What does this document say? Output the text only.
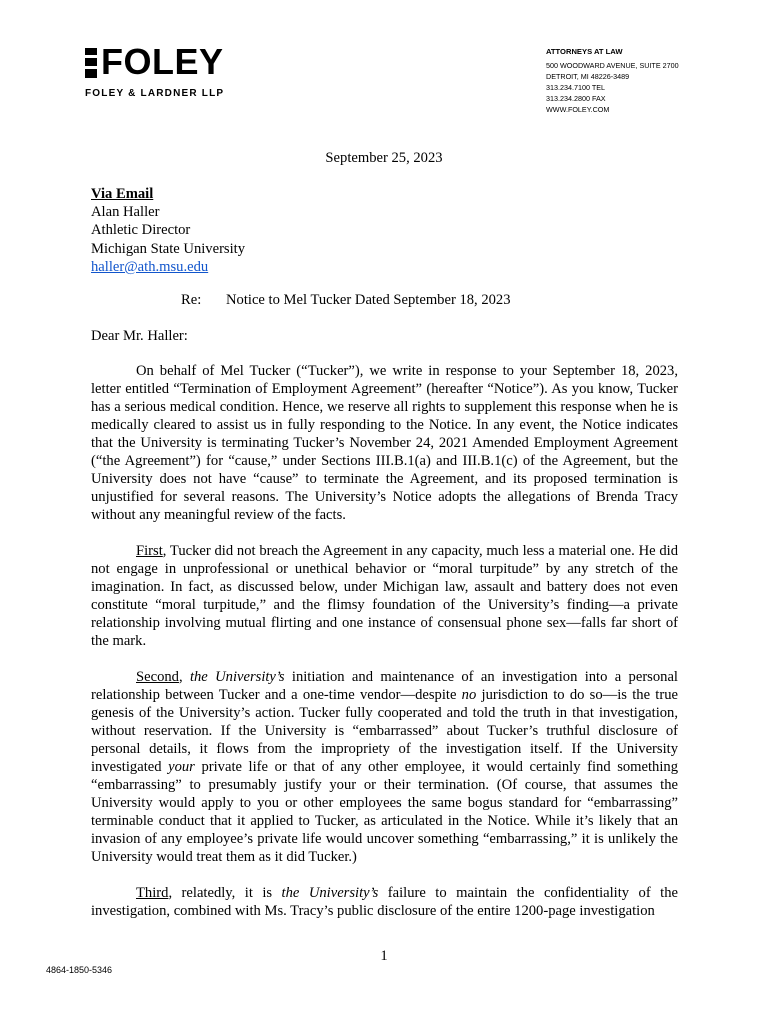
FOLEY
FOLEY & LARDNER LLP
ATTORNEYS AT LAW
500 WOODWARD AVENUE, SUITE 2700
DETROIT, MI 48226-3489
313.234.7100 TEL
313.234.2800 FAX
WWW.FOLEY.COM
September 25, 2023
Via Email
Alan Haller
Athletic Director
Michigan State University
haller@ath.msu.edu
Re: Notice to Mel Tucker Dated September 18, 2023
Dear Mr. Haller:

On behalf of Mel Tucker (“Tucker”), we write in response to your September 18, 2023, letter entitled “Termination of Employment Agreement” (hereafter “Notice”). As you know, Tucker has a serious medical condition. Hence, we reserve all rights to supplement this response when he is medically cleared to assist us in fully responding to the Notice. In any event, the Notice indicates that the University is terminating Tucker’s November 24, 2021 Amended Employment Agreement (“the Agreement”) for “cause,” under Sections III.B.1(a) and III.B.1(c) of the Agreement, but the University does not have “cause” to terminate the Agreement, and its proposed termination is unjustified for several reasons. The University’s Notice adopts the allegations of Brenda Tracy without any meaningful review of the facts.

First, Tucker did not breach the Agreement in any capacity, much less a material one. He did not engage in unprofessional or unethical behavior or “moral turpitude” by any stretch of the imagination. In fact, as discussed below, under Michigan law, assault and battery does not even constitute “moral turpitude,” and the flimsy foundation of the University’s finding—a private relationship involving mutual flirting and one instance of consensual phone sex—falls far short of the mark.

Second, the University’s initiation and maintenance of an investigation into a personal relationship between Tucker and a one-time vendor—despite no jurisdiction to do so—is the true genesis of the University’s action. Tucker fully cooperated and told the truth in that investigation, without reservation. If the University is “embarrassed” about Tucker’s truthful disclosure of personal details, it flows from the impropriety of the investigation itself. If the University investigated your private life or that of any other employee, it would certainly find something “embarrassing” to presumably justify your or their termination. (Of course, that assumes the University would apply to you or other employees the same bogus standard for “embarrassing” terminable conduct that it applied to Tucker, as articulated in the Notice. While it’s likely that an invasion of any employee’s private life would uncover something “embarrassing,” it is unlikely the University would treat them as it did Tucker.)

Third, relatedly, it is the University’s failure to maintain the confidentiality of the investigation, combined with Ms. Tracy’s public disclosure of the entire 1200-page investigation

1
4864-1850-5346
